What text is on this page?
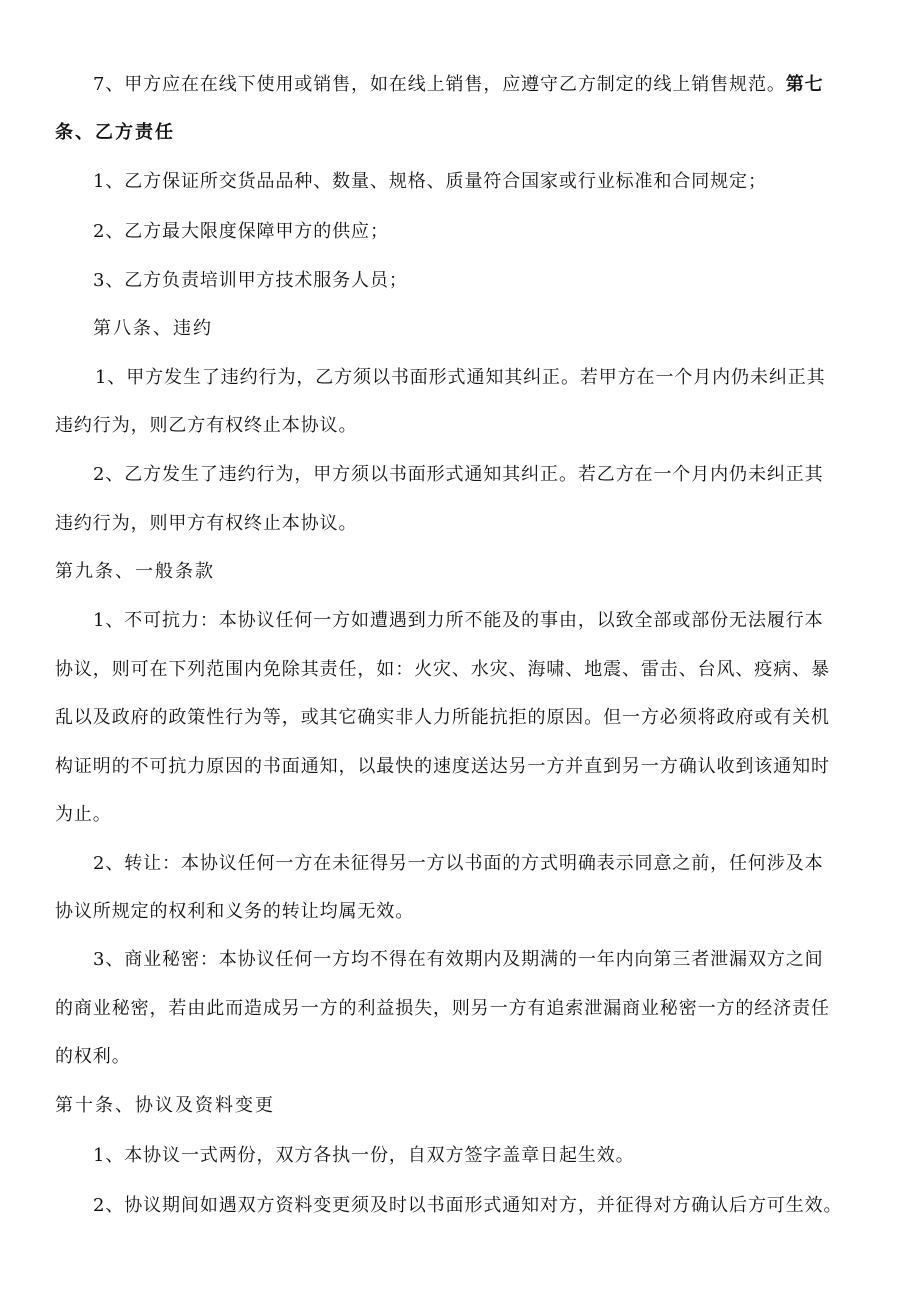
7、甲方应在在线下使用或销售，如在线上销售，应遵守乙方制定的线上销售规范。第七
条、乙方责任
1、乙方保证所交货品品种、数量、规格、质量符合国家或行业标准和合同规定；
2、乙方最大限度保障甲方的供应；
3、乙方负责培训甲方技术服务人员；
第八条、违约
1、甲方发生了违约行为，乙方须以书面形式通知其纠正。若甲方在一个月内仍未纠正其
违约行为，则乙方有权终止本协议。
2、乙方发生了违约行为，甲方须以书面形式通知其纠正。若乙方在一个月内仍未纠正其
违约行为，则甲方有权终止本协议。
第九条、一般条款
1、不可抗力：本协议任何一方如遭遇到力所不能及的事由，以致全部或部份无法履行本
协议，则可在下列范围内免除其责任，如：火灾、水灾、海啸、地震、雷击、台风、疫病、暴
乱以及政府的政策性行为等，或其它确实非人力所能抗拒的原因。但一方必须将政府或有关机
构证明的不可抗力原因的书面通知，以最快的速度送达另一方并直到另一方确认收到该通知时
为止。
2、转让：本协议任何一方在未征得另一方以书面的方式明确表示同意之前，任何涉及本
协议所规定的权利和义务的转让均属无效。
3、商业秘密：本协议任何一方均不得在有效期内及期满的一年内向第三者泄漏双方之间
的商业秘密，若由此而造成另一方的利益损失，则另一方有追索泄漏商业秘密一方的经济责任
的权利。
第十条、协议及资料变更
1、本协议一式两份，双方各执一份，自双方签字盖章日起生效。
2、协议期间如遇双方资料变更须及时以书面形式通知对方，并征得对方确认后方可生效。
